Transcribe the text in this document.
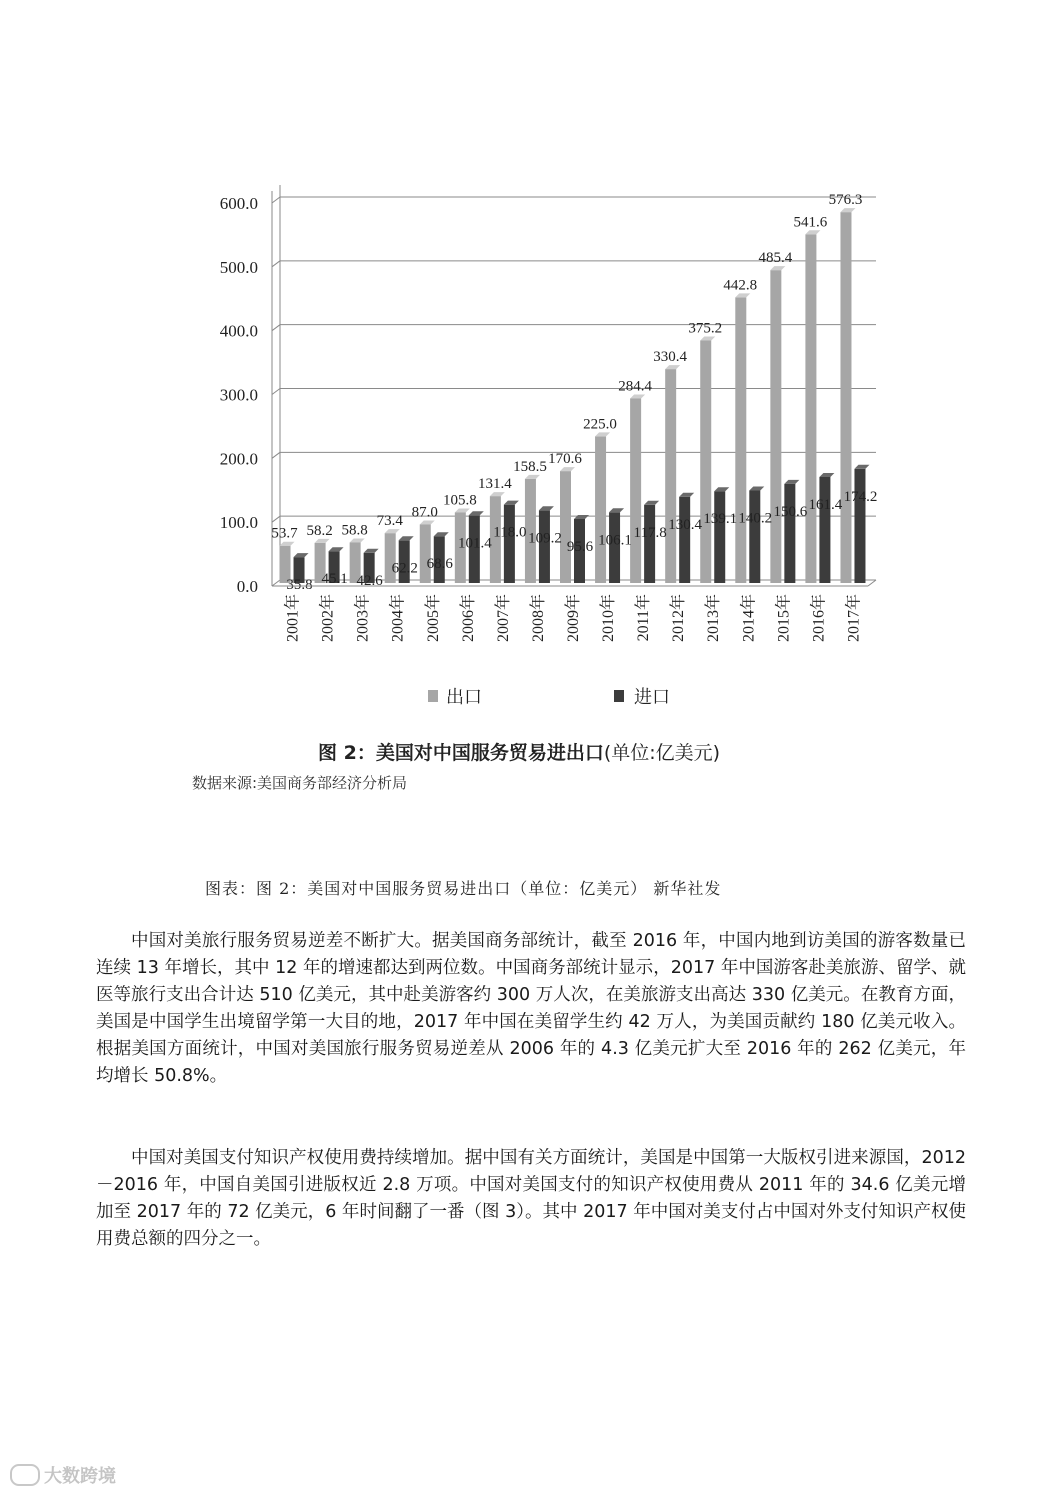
0.0
100.0
200.0
300.0
400.0
500.0
600.0
53.7
35.8
58.2
45.1
58.8
42.6
73.4
62.2
87.0
68.6
105.8
101.4
131.4
118.0
158.5
109.2
170.6
95.6
225.0
106.1
284.4
117.8
330.4
130.4
375.2
139.1
442.8
140.2
485.4
150.6
541.6
161.4
576.3
174.2
2001年 2002年 2003年 2004年 2005年 2006年 2007年 2008年 2009年 2010年 2011年 2012年 2013年 2014年 2015年 2016年 2017年
出口	进口
图 2：美国对中国服务贸易进出口(单位:亿美元)
数据来源:美国商务部经济分析局
图表：图 2：美国对中国服务贸易进出口（单位：亿美元） 新华社发

中国对美旅行服务贸易逆差不断扩大。据美国商务部统计，截至 2016 年，中国内地到访美国的游客数量已连续 13 年增长，其中 12 年的增速都达到两位数。中国商务部统计显示，2017 年中国游客赴美旅游、留学、就医等旅行支出合计达 510 亿美元，其中赴美游客约 300 万人次，在美旅游支出高达 330 亿美元。在教育方面，美国是中国学生出境留学第一大目的地，2017 年中国在美留学生约 42 万人，为美国贡献约 180 亿美元收入。根据美国方面统计，中国对美国旅行服务贸易逆差从 2006 年的 4.3 亿美元扩大至 2016 年的 262 亿美元，年均增长 50.8%。

中国对美国支付知识产权使用费持续增加。据中国有关方面统计，美国是中国第一大版权引进来源国，2012－2016 年，中国自美国引进版权近 2.8 万项。中国对美国支付的知识产权使用费从 2011 年的 34.6 亿美元增加至 2017 年的 72 亿美元，6 年时间翻了一番（图 3）。其中 2017 年中国对美支付占中国对外支付知识产权使用费总额的四分之一。

大数跨境
